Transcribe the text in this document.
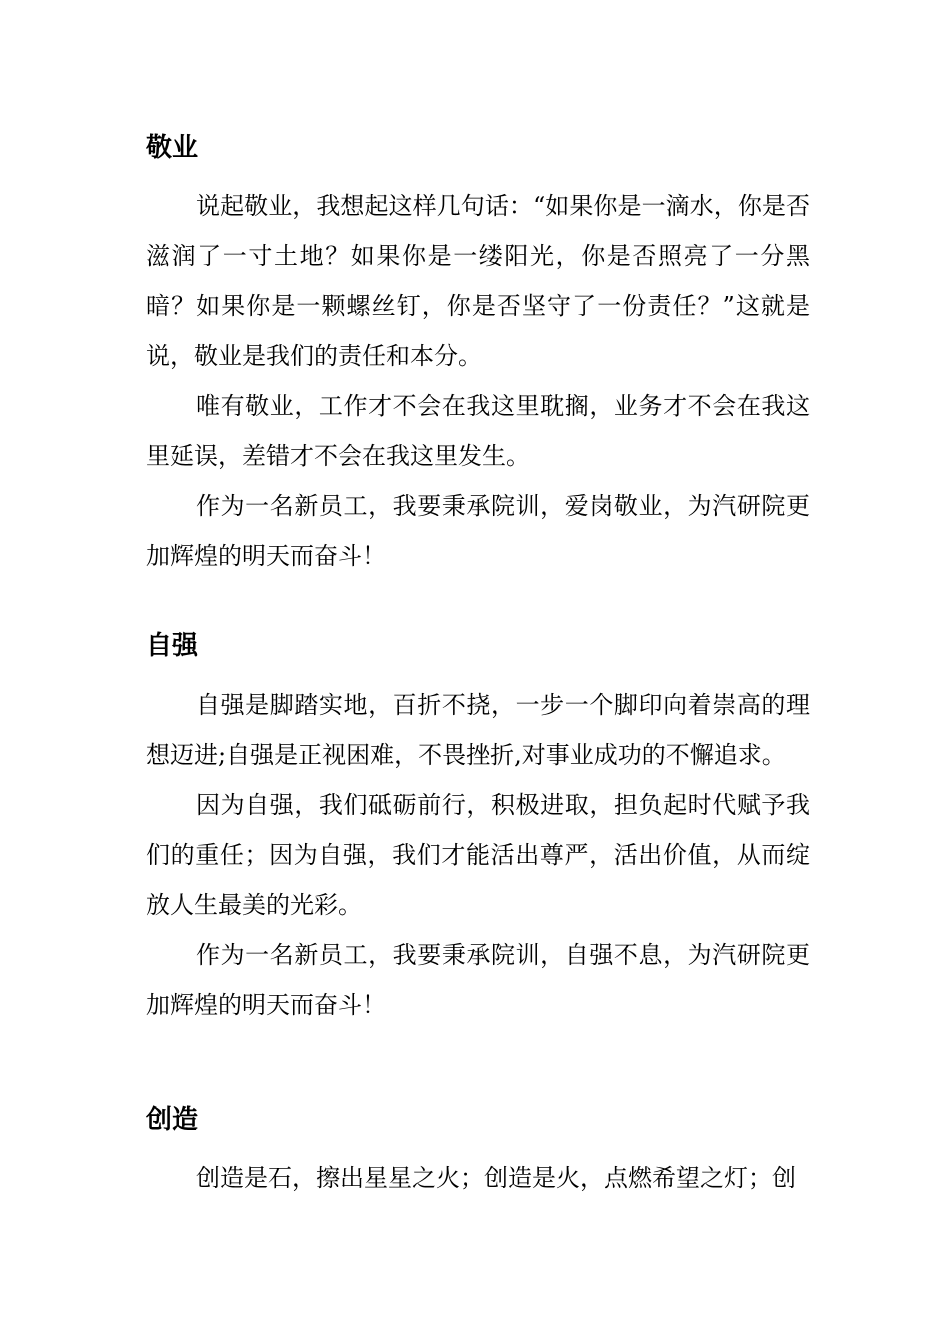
敬业

说起敬业，我想起这样几句话：“如果你是一滴水，你是否滋润了一寸土地？如果你是一缕阳光，你是否照亮了一分黑暗？如果你是一颗螺丝钉，你是否坚守了一份责任？”这就是说，敬业是我们的责任和本分。

唯有敬业，工作才不会在我这里耽搁，业务才不会在我这里延误，差错才不会在我这里发生。

作为一名新员工，我要秉承院训，爱岗敬业，为汽研院更加辉煌的明天而奋斗！

自强

自强是脚踏实地，百折不挠，一步一个脚印向着崇高的理想迈进;自强是正视困难，不畏挫折,对事业成功的不懈追求。

因为自强，我们砥砺前行，积极进取，担负起时代赋予我们的重任；因为自强，我们才能活出尊严，活出价值，从而绽放人生最美的光彩。

作为一名新员工，我要秉承院训，自强不息，为汽研院更加辉煌的明天而奋斗！

创造

创造是石，擦出星星之火；创造是火，点燃希望之灯；创
